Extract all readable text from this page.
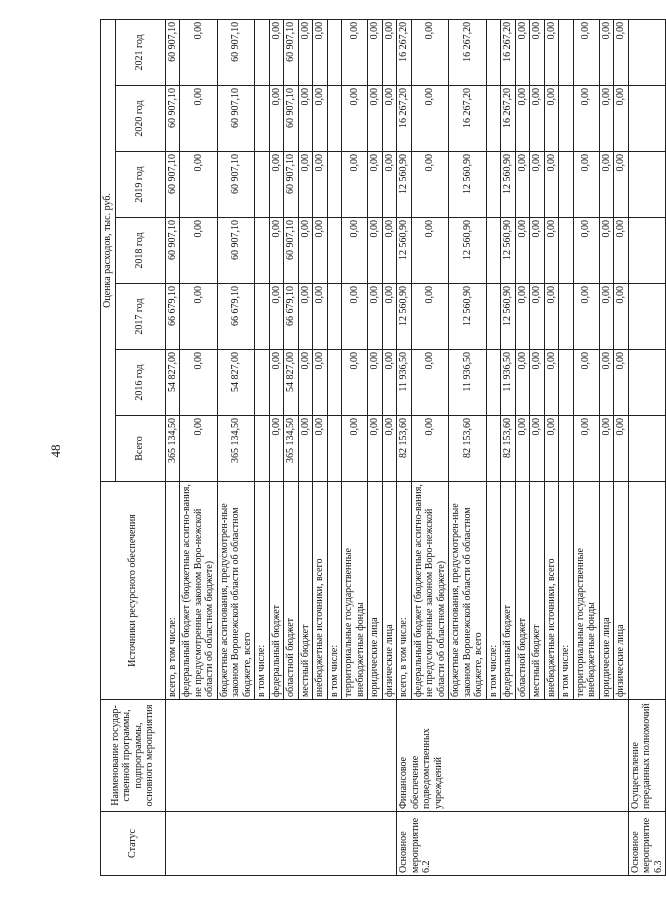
48
Статус	Наименование государ-ственной программы, подпрограммы, основного мероприятия	Источники ресурсного обеспечения	Оценка расходов, тыс. руб.						
			Всего	2016 год	2017 год	2018 год	2019 год	2020 год	2021 год
		всего, в том числе:	365 134,50	54 827,00	66 679,10	60 907,10	60 907,10	60 907,10	60 907,10
		федеральный бюджет (бюджетные ассигно-вания, не предусмотренные законом Воро-нежской области об областном бюджете)	0,00	0,00	0,00	0,00	0,00	0,00	0,00
		бюджетные ассигнования, предусмотрен-ные законом Воронежской области об областном бюджете, всего	365 134,50	54 827,00	66 679,10	60 907,10	60 907,10	60 907,10	60 907,10
		в том числе:							
		федеральный бюджет	0,00	0,00	0,00	0,00	0,00	0,00	0,00
		областной бюджет	365 134,50	54 827,00	66 679,10	60 907,10	60 907,10	60 907,10	60 907,10
		местный бюджет	0,00	0,00	0,00	0,00	0,00	0,00	0,00
		внебюджетные источники, всего	0,00	0,00	0,00	0,00	0,00	0,00	0,00
		в том числе:							
		территориальные государственные внебюджетные фонды	0,00	0,00	0,00	0,00	0,00	0,00	0,00
		юридические лица	0,00	0,00	0,00	0,00	0,00	0,00	0,00
		физические лица	0,00	0,00	0,00	0,00	0,00	0,00	0,00
Основное мероприятие 6.2	Финансовое обеспечение подведомственных учреждений	всего, в том числе:	82 153,60	11 936,50	12 560,90	12 560,90	12 560,90	16 267,20	16 267,20
		федеральный бюджет (бюджетные ассигно-вания, не предусмотренные законом Воро-нежской области об областном бюджете)	0,00	0,00	0,00	0,00	0,00	0,00	0,00
		бюджетные ассигнования, предусмотрен-ные законом Воронежской области об областном бюджете, всего	82 153,60	11 936,50	12 560,90	12 560,90	12 560,90	16 267,20	16 267,20
		в том числе:							
		федеральный бюджет	82 153,60	11 936,50	12 560,90	12 560,90	12 560,90	16 267,20	16 267,20
		областной бюджет	0,00	0,00	0,00	0,00	0,00	0,00	0,00
		местный бюджет	0,00	0,00	0,00	0,00	0,00	0,00	0,00
		внебюджетные источники, всего	0,00	0,00	0,00	0,00	0,00	0,00	0,00
		в том числе:							
		территориальные государственные внебюджетные фонды	0,00	0,00	0,00	0,00	0,00	0,00	0,00
		юридические лица	0,00	0,00	0,00	0,00	0,00	0,00	0,00
		физические лица	0,00	0,00	0,00	0,00	0,00	0,00	0,00
Основное мероприятие 6.3	Осуществление переданных полномочий								
